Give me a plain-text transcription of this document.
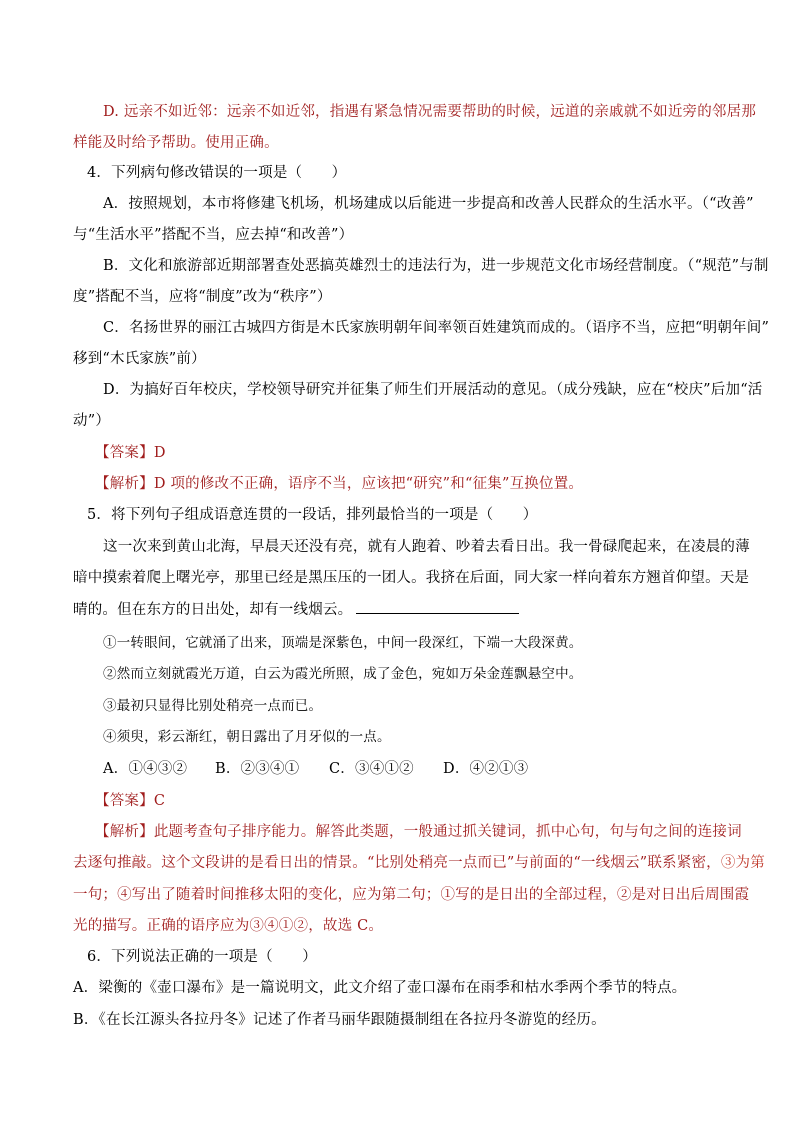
D. 远亲不如近邻：远亲不如近邻，指遇有紧急情况需要帮助的时候，远道的亲戚就不如近旁的邻居那
样能及时给予帮助。使用正确。
4．下列病句修改错误的一项是（　　）
A．按照规划，本市将修建飞机场，机场建成以后能进一步提高和改善人民群众的生活水平。（“改善”
与“生活水平”搭配不当，应去掉“和改善”）
B．文化和旅游部近期部署查处恶搞英雄烈士的违法行为，进一步规范文化市场经营制度。（“规范”与制
度”搭配不当，应将“制度”改为“秩序”）
C．名扬世界的丽江古城四方街是木氏家族明朝年间率领百姓建筑而成的。（语序不当，应把“明朝年间”
移到“木氏家族”前）
D．为搞好百年校庆，学校领导研究并征集了师生们开展活动的意见。（成分残缺，应在“校庆”后加“活
动”）
【答案】D
【解析】D 项的修改不正确，语序不当，应该把“研究”和“征集”互换位置。
5．将下列句子组成语意连贯的一段话，排列最恰当的一项是（　　）
这一次来到黄山北海，早晨天还没有亮，就有人跑着、吵着去看日出。我一骨碌爬起来，在凌晨的薄
暗中摸索着爬上曙光亭，那里已经是黑压压的一团人。我挤在后面，同大家一样向着东方翘首仰望。天是
晴的。但在东方的日出处，却有一线烟云。
①一转眼间，它就涌了出来，顶端是深紫色，中间一段深红，下端一大段深黄。
②然而立刻就霞光万道，白云为霞光所照，成了金色，宛如万朵金莲飘悬空中。
③最初只显得比别处稍亮一点而已。
④须臾，彩云渐红，朝日露出了月牙似的一点。
A．①④③② B．②③④① C．③④①② D．④②①③
【答案】C
【解析】此题考查句子排序能力。解答此类题，一般通过抓关键词，抓中心句，句与句之间的连接词
去逐句推敲。这个文段讲的是看日出的情景。“比别处稍亮一点而已”与前面的“一线烟云”联系紧密，③为第
一句；④写出了随着时间推移太阳的变化，应为第二句；①写的是日出的全部过程，②是对日出后周围霞
光的描写。正确的语序应为③④①②，故选 C。
6．下列说法正确的一项是（　　）
A．梁衡的《壶口瀑布》是一篇说明文，此文介绍了壶口瀑布在雨季和枯水季两个季节的特点。
B．《在长江源头各拉丹冬》记述了作者马丽华跟随摄制组在各拉丹冬游览的经历。
